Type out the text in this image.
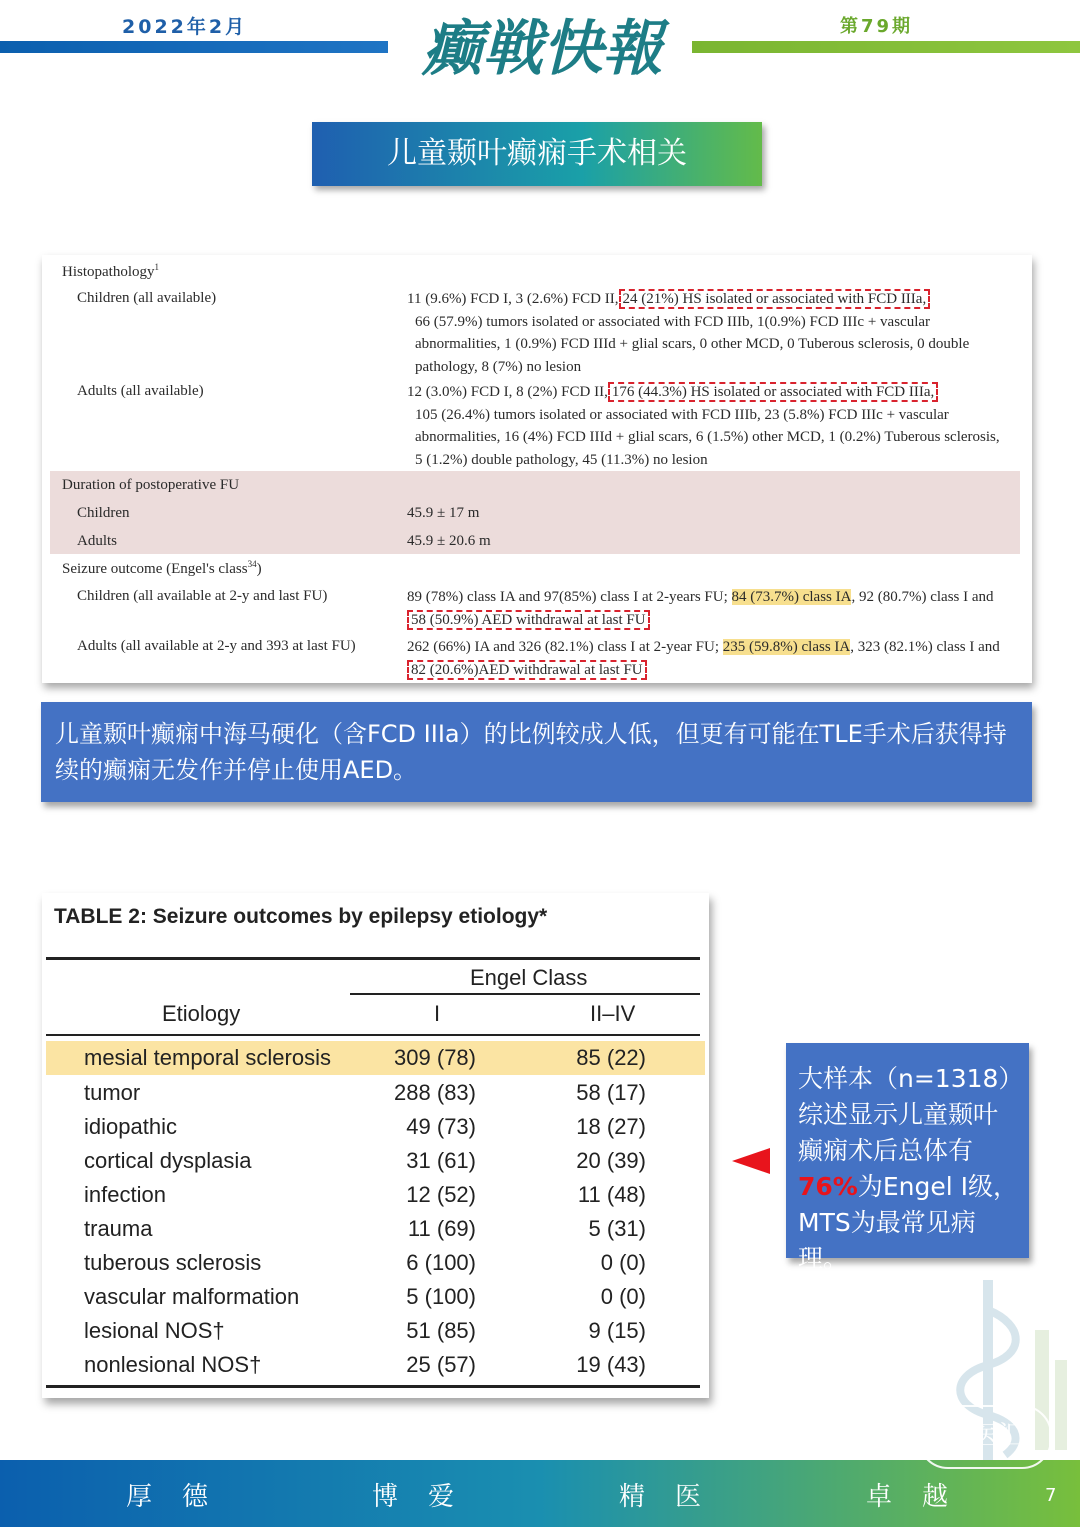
2022年2月	第79期
癫戦快報
儿童颞叶癫痫手术相关
Histopathology$^1$
Children (all available)	11 (9.6%) FCD I, 3 (2.6%) FCD II, 24 (21%) HS isolated or associated with FCD IIIa,
66 (57.9%) tumors isolated or associated with FCD IIIb, 1(0.9%) FCD IIIc + vascular abnormalities, 1 (0.9%) FCD IIId + glial scars, 0 other MCD, 0 Tuberous sclerosis, 0 double pathology, 8 (7%) no lesion
Adults (all available)	12 (3.0%) FCD I, 8 (2%) FCD II, 176 (44.3%) HS isolated or associated with FCD IIIa,
105 (26.4%) tumors isolated or associated with FCD IIIb, 23 (5.8%) FCD IIIc + vascular abnormalities, 16 (4%) FCD IIId + glial scars, 6 (1.5%) other MCD, 1 (0.2%) Tuberous sclerosis, 5 (1.2%) double pathology, 45 (11.3%) no lesion
Duration of postoperative FU
Children	45.9 ± 17 m
Adults	45.9 ± 20.6 m
Seizure outcome (Engel's class$^{34}$)
Children (all available at 2-y and last FU)	89 (78%) class IA and 97(85%) class I at 2-years FU; 84 (73.7%) class IA, 92 (80.7%) class I and 58 (50.9%) AED withdrawal at last FU
Adults (all available at 2-y and 393 at last FU)	262 (66%) IA and 326 (82.1%) class I at 2-year FU; 235 (59.8%) class IA, 323 (82.1%) class I and 82 (20.6%)AED withdrawal at last FU
儿童颞叶癫痫中海马硬化（含FCD IIIa）的比例较成人低，但更有可能在TLE手术后获得持续的癫痫无发作并停止使用AED。
TABLE 2: Seizure outcomes by epilepsy etiology*
Engel Class
Etiology	I	II–IV
mesial temporal sclerosis	309 (78)	85 (22)
tumor	288 (83)	58 (17)
idiopathic	49 (73)	18 (27)
cortical dysplasia	31 (61)	20 (39)
infection	12 (52)	11 (48)
trauma	11 (69)	5 (31)
tuberous sclerosis	6 (100)	0 (0)
vascular malformation	5 (100)	0 (0)
lesional NOS†	51 (85)	9 (15)
nonlesional NOS†	25 (57)	19 (43)
大样本（n=1318）
综述显示儿童颞叶
癫痫术后总体有
76%为Engel I级，
MTS为最常见病理。
脑医汇
厚德	博爱	精医	卓越	7
